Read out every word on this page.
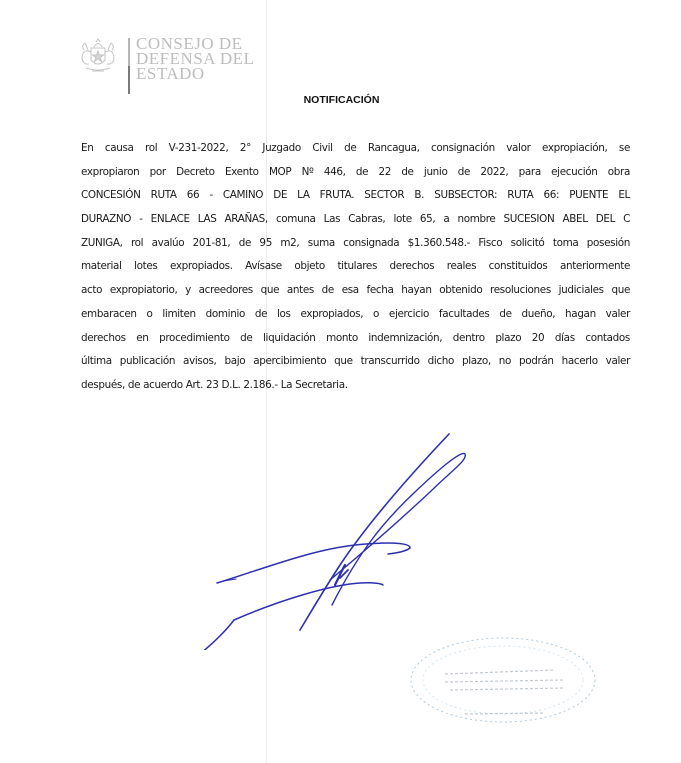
CONSEJO DE
DEFENSA DEL
ESTADO
NOTIFICACIÓN
En causa rol V-231-2022, 2° Juzgado Civil de Rancagua, consignación valor expropiación, se
expropiaron por Decreto Exento MOP Nº 446, de 22 de junio de 2022, para ejecución obra
CONCESIÓN RUTA 66 - CAMINO DE LA FRUTA. SECTOR B. SUBSECTOR: RUTA 66: PUENTE EL
DURAZNO - ENLACE LAS ARAÑAS, comuna Las Cabras, lote 65, a nombre SUCESION ABEL DEL C
ZUNIGA, rol avalúo 201-81, de 95 m2, suma consignada $1.360.548.- Fisco solicitó toma posesión
material lotes expropiados. Avísase objeto titulares derechos reales constituidos anteriormente
acto expropiatorio, y acreedores que antes de esa fecha hayan obtenido resoluciones judiciales que
embaracen o limiten dominio de los expropiados, o ejercicio facultades de dueño, hagan valer
derechos en procedimiento de liquidación monto indemnización, dentro plazo 20 días contados
última publicación avisos, bajo apercibimiento que transcurrido dicho plazo, no podrán hacerlo valer
después, de acuerdo Art. 23 D.L. 2.186.- La Secretaria.
